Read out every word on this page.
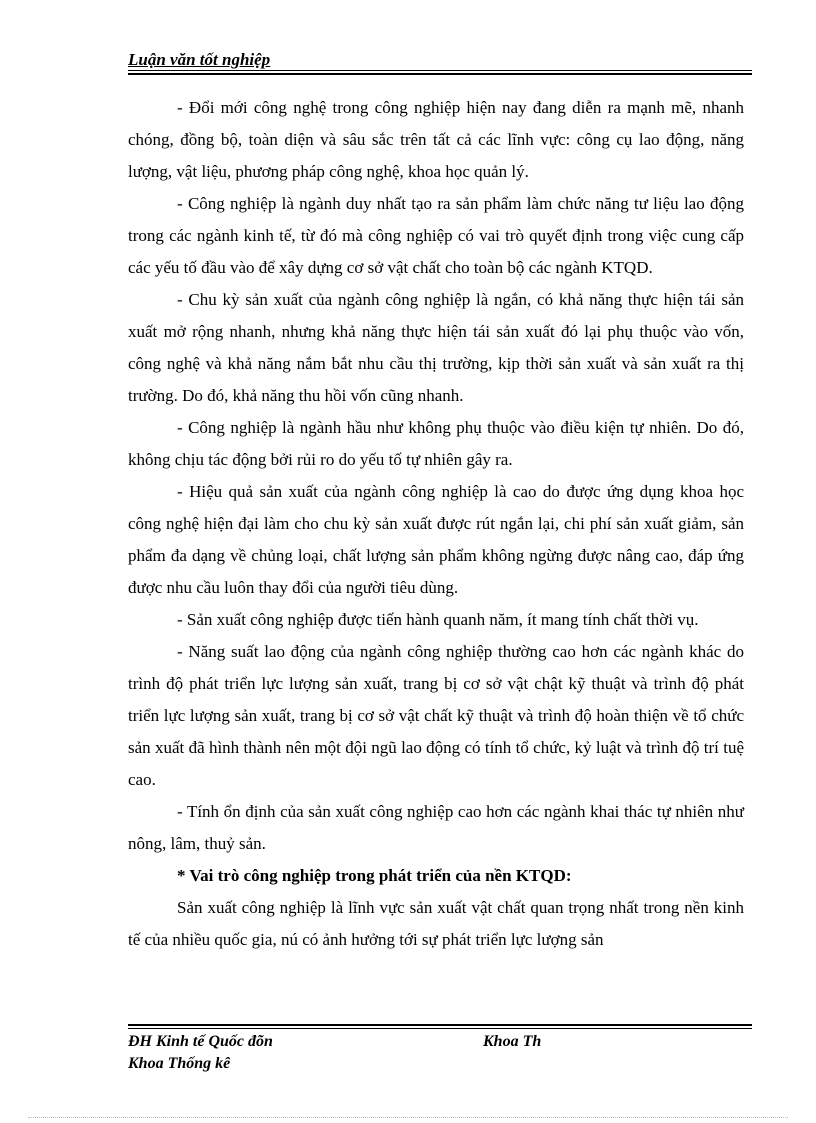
Luận văn tốt nghiệp

- Đổi mới công nghệ trong công nghiệp hiện nay đang diễn ra mạnh mẽ, nhanh chóng, đồng bộ, toàn diện và sâu sắc trên tất cả các lĩnh vực: công cụ lao động, năng lượng, vật liệu, phương pháp công nghệ, khoa học quản lý.

- Công nghiệp là ngành duy nhất tạo ra sản phẩm làm chức năng tư liệu lao động trong các ngành kinh tế, từ đó mà công nghiệp có vai trò quyết định trong việc cung cấp các yếu tố đầu vào để xây dựng cơ sở vật chất cho toàn bộ các ngành KTQD.

- Chu kỳ sản xuất của ngành công nghiệp là ngắn, có khả năng thực hiện tái sản xuất mở rộng nhanh, nhưng khả năng thực hiện tái sản xuất đó lại phụ thuộc vào vốn, công nghệ và khả năng nắm bắt nhu cầu thị trường, kịp thời sản xuất và sản xuất ra thị trường. Do đó, khả năng thu hồi vốn cũng nhanh.

- Công nghiệp là ngành hầu như không phụ thuộc vào điều kiện tự nhiên. Do đó, không chịu tác động bởi rủi ro do yếu tố tự nhiên gây ra.

- Hiệu quả sản xuất của ngành công nghiệp là cao do được ứng dụng khoa học công nghệ hiện đại làm cho chu kỳ sản xuất được rút ngắn lại, chi phí sản xuất giảm, sản phẩm đa dạng về chủng loại, chất lượng sản phẩm không ngừng được nâng cao, đáp ứng được nhu cầu luôn thay đổi của người tiêu dùng.

- Sản xuất công nghiệp được tiến hành quanh năm, ít mang tính chất thời vụ.

- Năng suất lao động của ngành công nghiệp thường cao hơn các ngành khác do trình độ phát triển lực lượng sản xuất, trang bị cơ sở vật chật kỹ thuật và trình độ phát triển lực lượng sản xuất, trang bị cơ sở vật chất kỹ thuật và trình độ hoàn thiện về tổ chức sản xuất đã hình thành nên một đội ngũ lao động có tính tổ chức, kỷ luật và trình độ trí tuệ cao.

- Tính ổn định của sản xuất công nghiệp cao hơn các ngành khai thác tự nhiên như nông, lâm, thuỷ sản.

* Vai trò công nghiệp trong phát triển của nền KTQD:

Sản xuất công nghiệp là lĩnh vực sản xuất vật chất quan trọng nhất trong nền kinh tế của nhiều quốc gia, nú có ảnh hưởng tới sự phát triển lực lượng sản

ĐH Kinh tế Quốc đõn	Khoa Th
Khoa Thống kê
